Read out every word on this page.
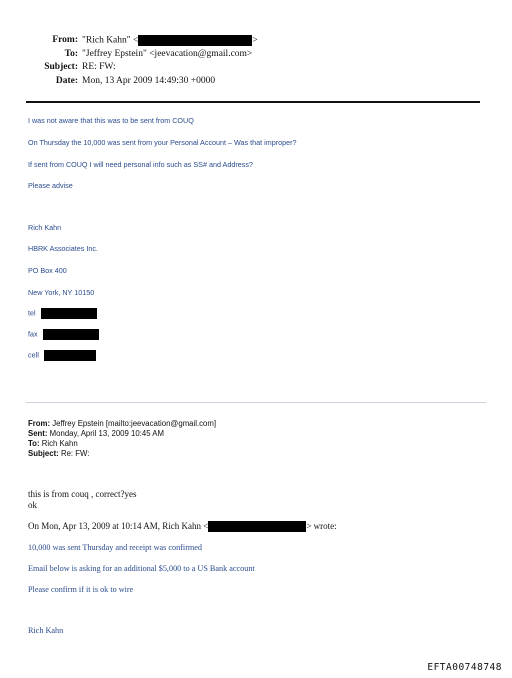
From: "Rich Kahn" <	>
To: "Jeffrey Epstein" <jeevacation@gmail.com>
Subject: RE: FW:
Date: Mon, 13 Apr 2009 14:49:30 +0000
I was not aware that this was to be sent from COUQ
On Thursday the 10,000 was sent from your Personal Account – Was that improper?
If sent from COUQ I will need personal info such as SS# and Address?
Please advise
Rich Kahn
HBRK Associates Inc.
PO Box 400
New York, NY 10150
tel
fax
cell
From: Jeffrey Epstein [mailto:jeevacation@gmail.com]
Sent: Monday, April 13, 2009 10:45 AM
To: Rich Kahn
Subject: Re: FW:
this is from couq , correct?yes
ok
On Mon, Apr 13, 2009 at 10:14 AM, Rich Kahn <	> wrote:
10,000 was sent Thursday and receipt was confirmed
Email below is asking for an additional $5,000 to a US Bank account
Please confirm if it is ok to wire
Rich Kahn
EFTA00748748
